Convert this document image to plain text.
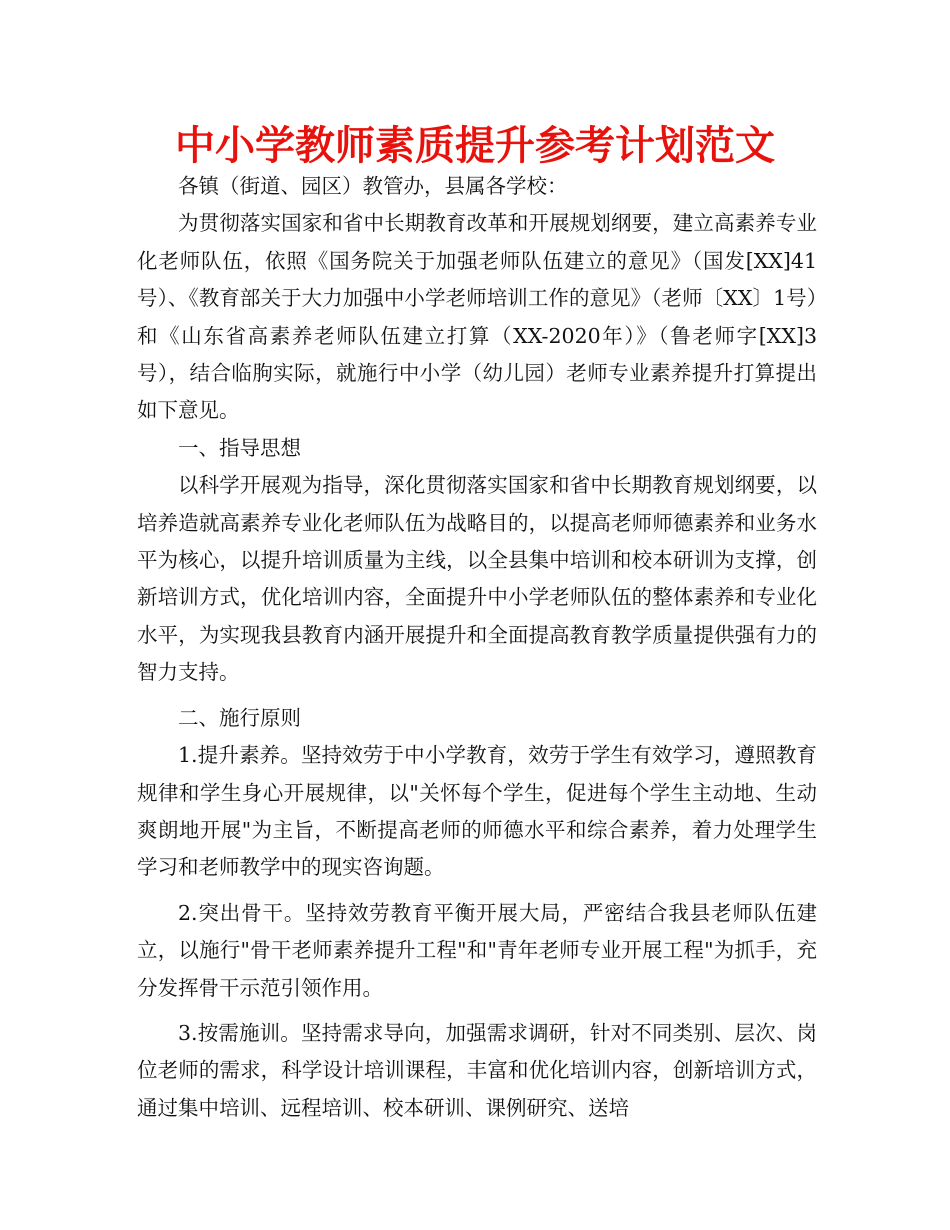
中小学教师素质提升参考计划范文

各镇（街道、园区）教管办，县属各学校：

为贯彻落实国家和省中长期教育改革和开展规划纲要，建立高素养专业化老师队伍，依照《国务院关于加强老师队伍建立的意见》（国发[XX]41号）、《教育部关于大力加强中小学老师培训工作的意见》（老师〔XX〕1号）和《山东省高素养老师队伍建立打算（XX-2020年）》（鲁老师字[XX]3号），结合临朐实际，就施行中小学（幼儿园）老师专业素养提升打算提出如下意见。

一、指导思想

以科学开展观为指导，深化贯彻落实国家和省中长期教育规划纲要，以培养造就高素养专业化老师队伍为战略目的，以提高老师师德素养和业务水平为核心，以提升培训质量为主线，以全县集中培训和校本研训为支撑，创新培训方式，优化培训内容，全面提升中小学老师队伍的整体素养和专业化水平，为实现我县教育内涵开展提升和全面提高教育教学质量提供强有力的智力支持。

二、施行原则

1.提升素养。坚持效劳于中小学教育，效劳于学生有效学习，遵照教育规律和学生身心开展规律，以"关怀每个学生，促进每个学生主动地、生动爽朗地开展"为主旨，不断提高老师的师德水平和综合素养，着力处理学生学习和老师教学中的现实咨询题。

2.突出骨干。坚持效劳教育平衡开展大局，严密结合我县老师队伍建立，以施行"骨干老师素养提升工程"和"青年老师专业开展工程"为抓手，充分发挥骨干示范引领作用。

3.按需施训。坚持需求导向，加强需求调研，针对不同类别、层次、岗位老师的需求，科学设计培训课程，丰富和优化培训内容，创新培训方式，通过集中培训、远程培训、校本研训、课例研究、送培
